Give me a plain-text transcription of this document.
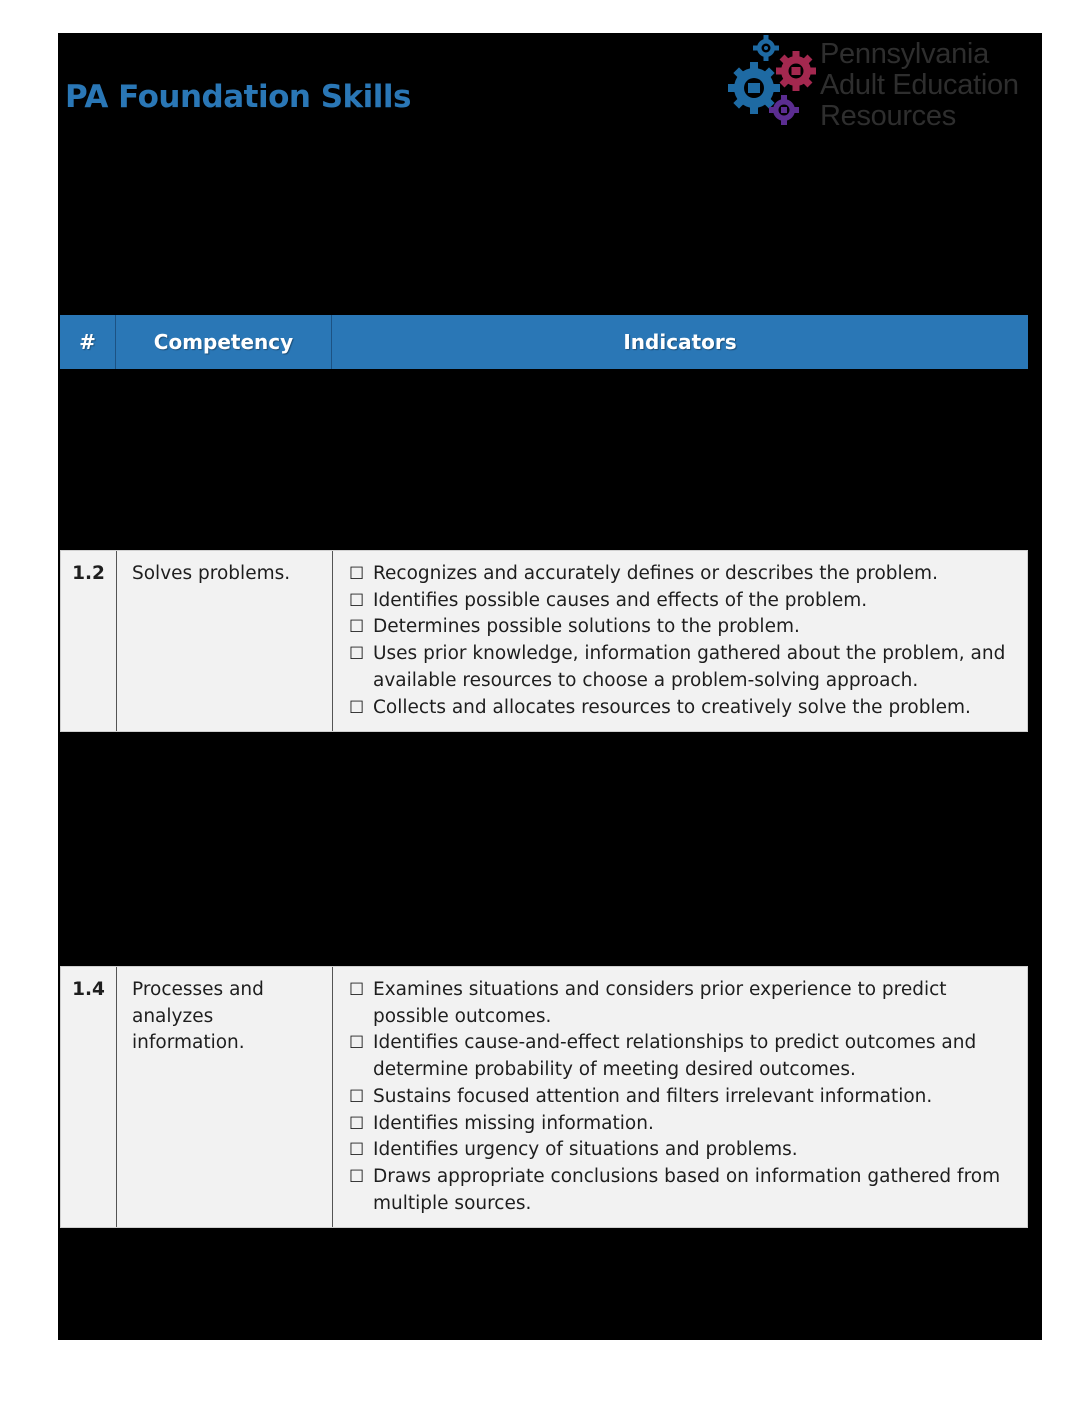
PA Foundation Skills
Pennsylvania
Adult Education
Resources
#	Competency	Indicators
1.2	Solves problems.	☐ Recognizes and accurately defines or describes the problem.
☐ Identifies possible causes and effects of the problem.
☐ Determines possible solutions to the problem.
☐ Uses prior knowledge, information gathered about the problem, and available resources to choose a problem-solving approach.
☐ Collects and allocates resources to creatively solve the problem.
1.4	Processes and analyzes information.
☐ Examines situations and considers prior experience to predict possible outcomes.
☐ Identifies cause-and-effect relationships to predict outcomes and determine probability of meeting desired outcomes.
☐ Sustains focused attention and filters irrelevant information.
☐ Identifies missing information.
☐ Identifies urgency of situations and problems.
☐ Draws appropriate conclusions based on information gathered from multiple sources.
